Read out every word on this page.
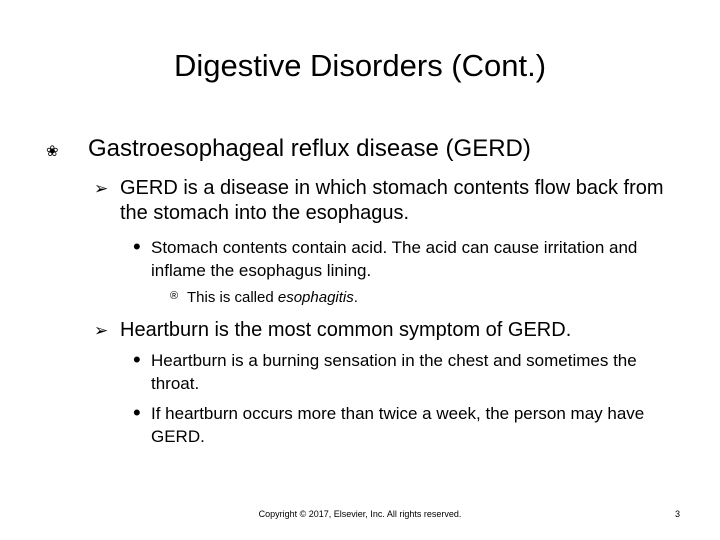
Digestive Disorders (Cont.)
❀ Gastroesophageal reflux disease (GERD)
➢ GERD is a disease in which stomach contents flow back from the stomach into the esophagus.
• Stomach contents contain acid. The acid can cause irritation and inflame the esophagus lining.
® This is called esophagitis.
➢ Heartburn is the most common symptom of GERD.
• Heartburn is a burning sensation in the chest and sometimes the throat.
• If heartburn occurs more than twice a week, the person may have GERD.
Copyright © 2017, Elsevier, Inc. All rights reserved.	3
